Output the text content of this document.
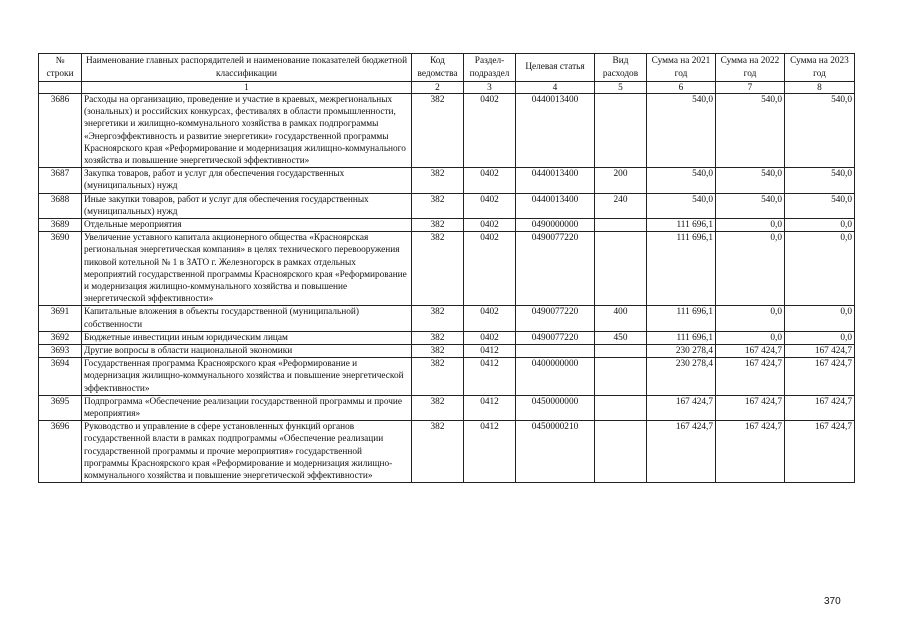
№ строки	Наименование главных распорядителей и наименование показателей бюджетной классификации	Код ведомства	Раздел-подраздел	Целевая статья	Вид расходов	Сумма на 2021 год	Сумма на 2022 год	Сумма на 2023 год
	1	2	3	4	5	6	7	8
3686	Расходы на организацию, проведение и участие в краевых, межрегиональных (зональных) и российских конкурсах, фестивалях в области промышленности, энергетики и жилищно-коммунального хозяйства в рамках подпрограммы «Энергоэффективность и развитие энергетики» государственной программы Красноярского края «Реформирование и модернизация жилищно-коммунального хозяйства и повышение энергетической эффективности»	382	0402	0440013400		540,0	540,0	540,0
3687	Закупка товаров, работ и услуг для обеспечения государственных (муниципальных) нужд	382	0402	0440013400	200	540,0	540,0	540,0
3688	Иные закупки товаров, работ и услуг для обеспечения государственных (муниципальных) нужд	382	0402	0440013400	240	540,0	540,0	540,0
3689	Отдельные мероприятия	382	0402	0490000000		111 696,1	0,0	0,0
3690	Увеличение уставного капитала акционерного общества «Красноярская региональная энергетическая компания» в целях технического перевооружения пиковой котельной № 1 в ЗАТО г. Железногорск в рамках отдельных мероприятий государственной программы Красноярского края «Реформирование и модернизация жилищно-коммунального хозяйства и повышение энергетической эффективности»	382	0402	0490077220		111 696,1	0,0	0,0
3691	Капитальные вложения в объекты государственной (муниципальной) собственности	382	0402	0490077220	400	111 696,1	0,0	0,0
3692	Бюджетные инвестиции иным юридическим лицам	382	0402	0490077220	450	111 696,1	0,0	0,0
3693	Другие вопросы в области национальной экономики	382	0412			230 278,4	167 424,7	167 424,7
3694	Государственная программа Красноярского края «Реформирование и модернизация жилищно-коммунального хозяйства и повышение энергетической эффективности»	382	0412	0400000000		230 278,4	167 424,7	167 424,7
3695	Подпрограмма «Обеспечение реализации государственной программы и прочие мероприятия»	382	0412	0450000000		167 424,7	167 424,7	167 424,7
3696	Руководство и управление в сфере установленных функций органов государственной власти в рамках подпрограммы «Обеспечение реализации государственной программы и прочие мероприятия» государственной программы Красноярского края «Реформирование и модернизация жилищно-коммунального хозяйства и повышение энергетической эффективности»	382	0412	0450000210		167 424,7	167 424,7	167 424,7
370
